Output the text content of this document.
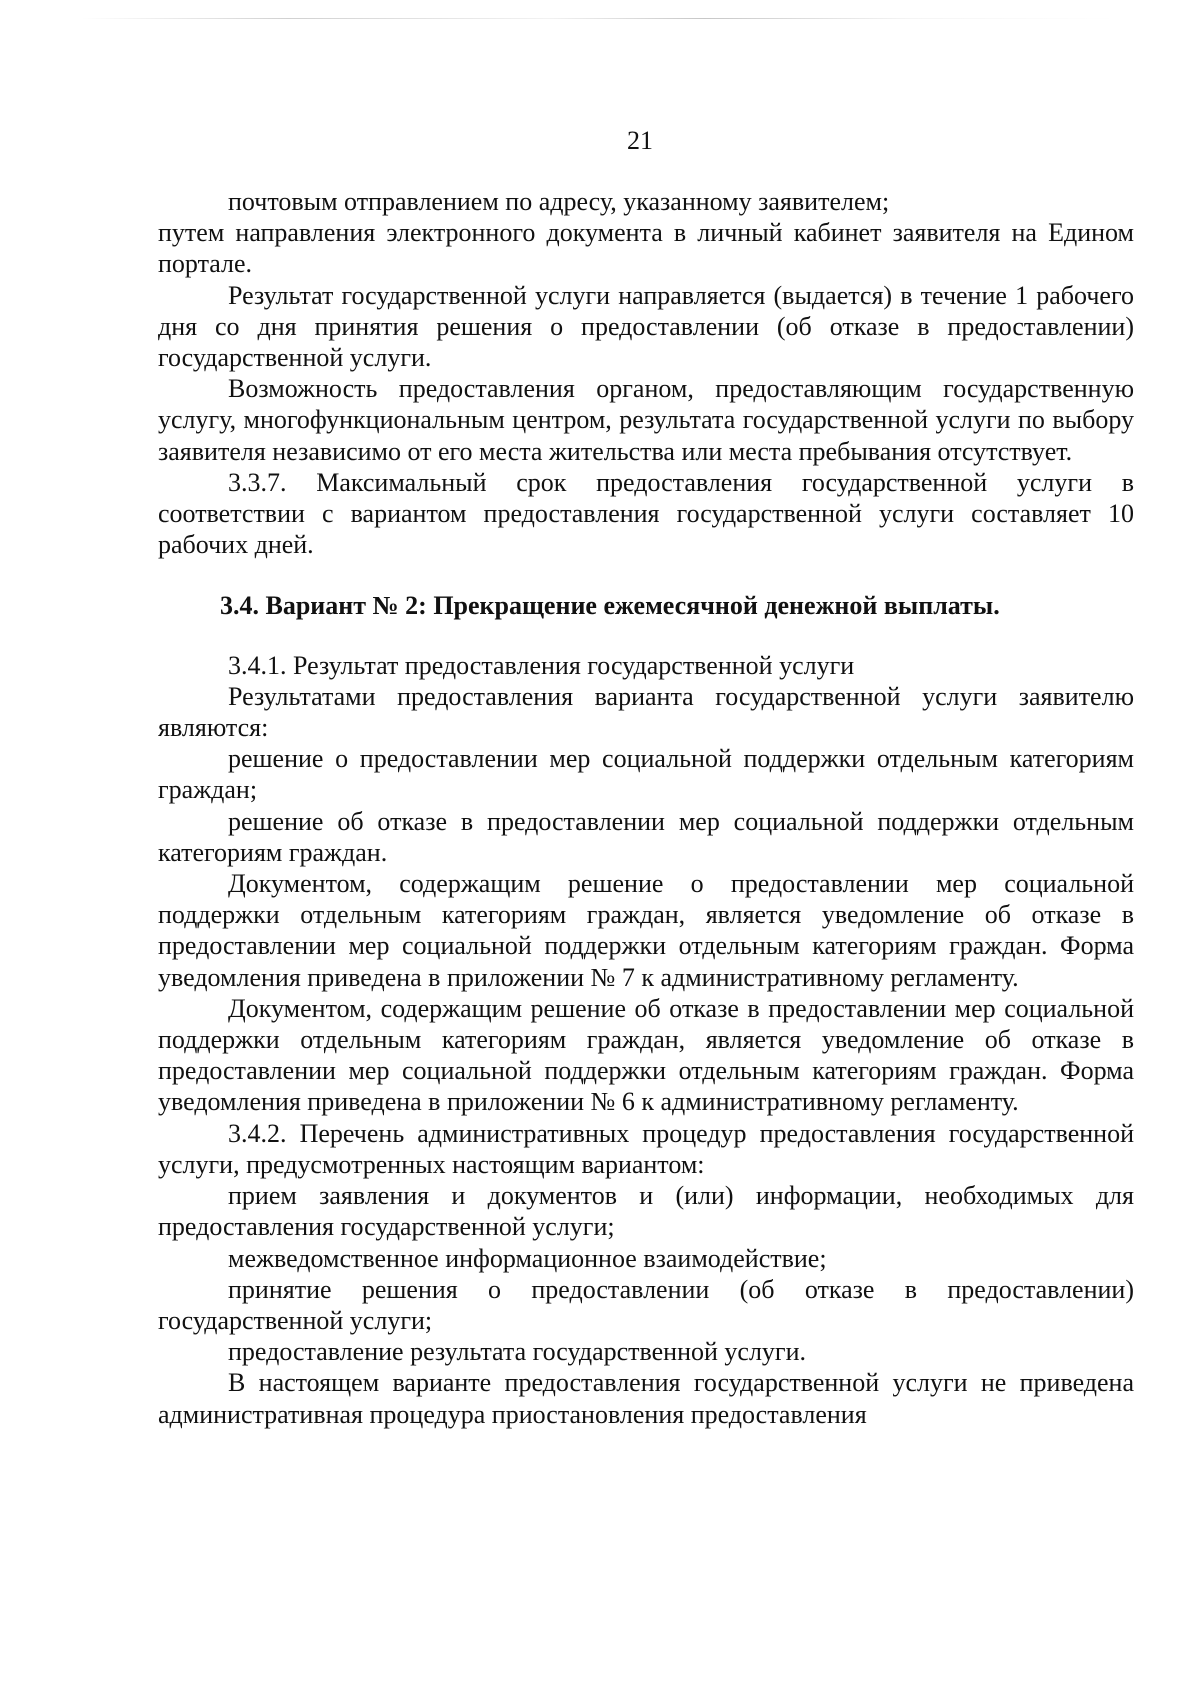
21

почтовым отправлением по адресу, указанному заявителем;

путем направления электронного документа в личный кабинет заявителя на Едином портале.

Результат государственной услуги направляется (выдается) в течение 1 рабочего дня со дня принятия решения о предоставлении (об отказе в предоставлении) государственной услуги.

Возможность предоставления органом, предоставляющим государственную услугу, многофункциональным центром, результата государственной услуги по выбору заявителя независимо от его места жительства или места пребывания отсутствует.

3.3.7. Максимальный срок предоставления государственной услуги в соответствии с вариантом предоставления государственной услуги составляет 10 рабочих дней.

3.4. Вариант № 2: Прекращение ежемесячной денежной выплаты.

3.4.1. Результат предоставления государственной услуги

Результатами предоставления варианта государственной услуги заявителю являются:

решение о предоставлении мер социальной поддержки отдельным категориям граждан;

решение об отказе в предоставлении мер социальной поддержки отдельным категориям граждан.

Документом, содержащим решение о предоставлении мер социальной поддержки отдельным категориям граждан, является уведомление об отказе в предоставлении мер социальной поддержки отдельным категориям граждан. Форма уведомления приведена в приложении № 7 к административному регламенту.

Документом, содержащим решение об отказе в предоставлении мер социальной поддержки отдельным категориям граждан, является уведомление об отказе в предоставлении мер социальной поддержки отдельным категориям граждан. Форма уведомления приведена в приложении № 6 к административному регламенту.

3.4.2. Перечень административных процедур предоставления государственной услуги, предусмотренных настоящим вариантом:

прием заявления и документов и (или) информации, необходимых для предоставления государственной услуги;

межведомственное информационное взаимодействие;

принятие решения о предоставлении (об отказе в предоставлении) государственной услуги;

предоставление результата государственной услуги.

В настоящем варианте предоставления государственной услуги не приведена административная процедура приостановления предоставления
